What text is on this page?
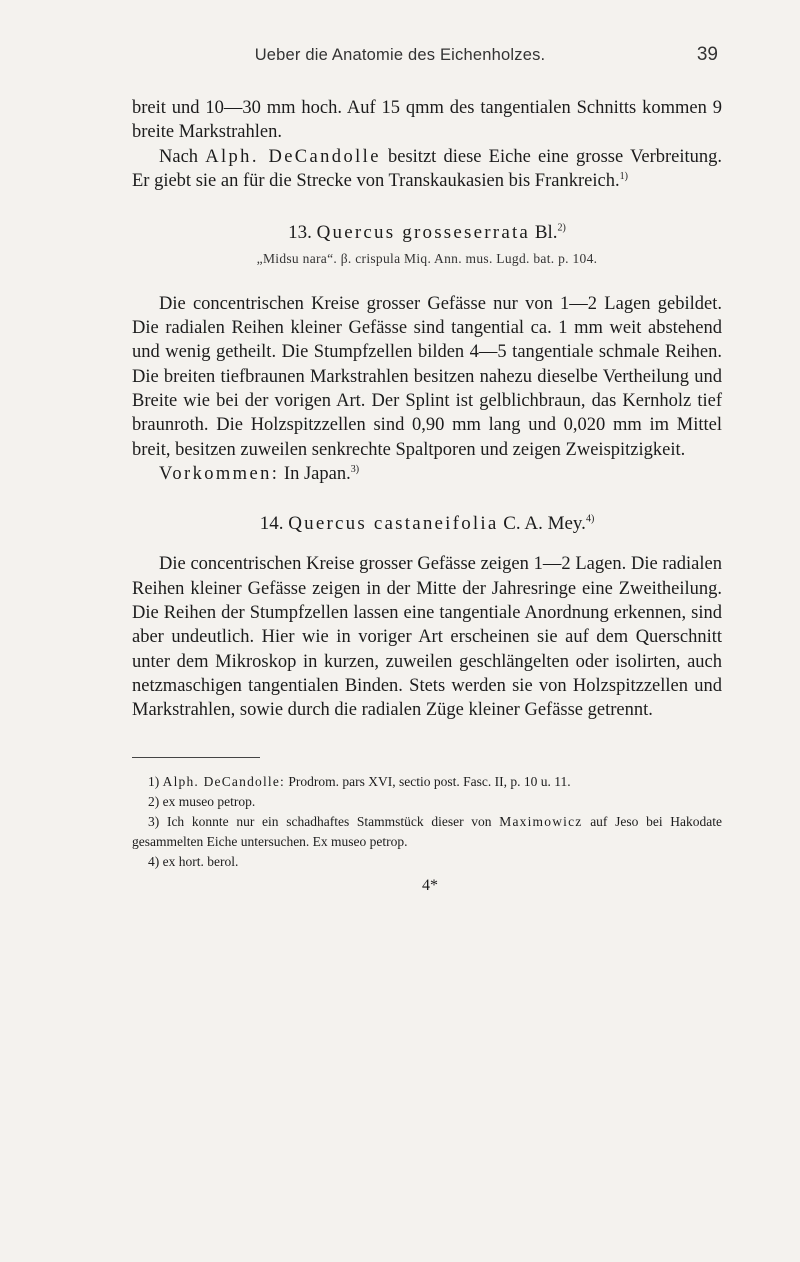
Ueber die Anatomie des Eichenholzes.	39

breit und 10—30 mm hoch. Auf 15 qmm des tangentialen Schnitts kommen 9 breite Markstrahlen.

Nach Alph. DeCandolle besitzt diese Eiche eine grosse Verbreitung. Er giebt sie an für die Strecke von Transkaukasien bis Frankreich.$^{1)}$

13. Quercus grosseserrata Bl.$^{2)}$
„Midsu nara“. β. crispula Miq. Ann. mus. Lugd. bat. p. 104.

Die concentrischen Kreise grosser Gefässe nur von 1—2 Lagen gebildet. Die radialen Reihen kleiner Gefässe sind tangential ca. 1 mm weit abstehend und wenig getheilt. Die Stumpfzellen bilden 4—5 tangentiale schmale Reihen. Die breiten tiefbraunen Markstrahlen besitzen nahezu dieselbe Vertheilung und Breite wie bei der vorigen Art. Der Splint ist gelblichbraun, das Kernholz tief braunroth. Die Holzspitzzellen sind 0,90 mm lang und 0,020 mm im Mittel breit, besitzen zuweilen senkrechte Spaltporen und zeigen Zweispitzigkeit.

Vorkommen: In Japan.$^{3)}$

14. Quercus castaneifolia C. A. Mey.$^{4)}$

Die concentrischen Kreise grosser Gefässe zeigen 1—2 Lagen. Die radialen Reihen kleiner Gefässe zeigen in der Mitte der Jahresringe eine Zweitheilung. Die Reihen der Stumpfzellen lassen eine tangentiale Anordnung erkennen, sind aber undeutlich. Hier wie in voriger Art erscheinen sie auf dem Querschnitt unter dem Mikroskop in kurzen, zuweilen geschlängelten oder isolirten, auch netzmaschigen tangentialen Binden. Stets werden sie von Holzspitzzellen und Markstrahlen, sowie durch die radialen Züge kleiner Gefässe getrennt.

1) Alph. DeCandolle: Prodrom. pars XVI, sectio post. Fasc. II, p. 10 u. 11.

2) ex museo petrop.

3) Ich konnte nur ein schadhaftes Stammstück dieser von Maximowicz auf Jeso bei Hakodate gesammelten Eiche untersuchen. Ex museo petrop.

4) ex hort. berol.

4*
